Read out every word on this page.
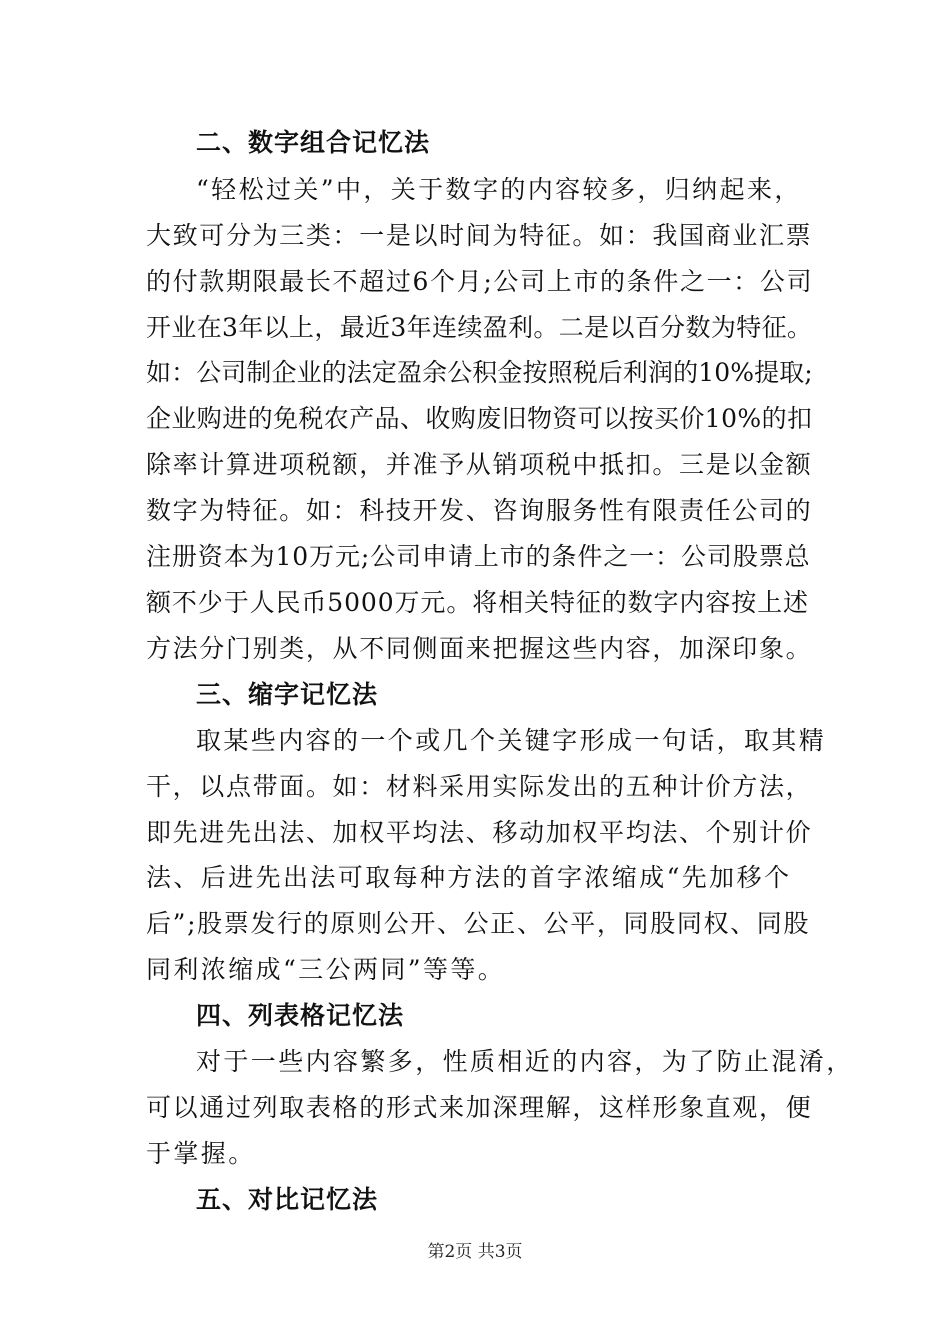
二、数字组合记忆法
“轻松过关”中，关于数字的内容较多，归纳起来，
大致可分为三类：一是以时间为特征。如：我国商业汇票
的付款期限最长不超过6个月;公司上市的条件之一：公司
开业在3年以上，最近3年连续盈利。二是以百分数为特征。
如：公司制企业的法定盈余公积金按照税后利润的10%提取;
企业购进的免税农产品、收购废旧物资可以按买价10%的扣
除率计算进项税额，并准予从销项税中抵扣。三是以金额
数字为特征。如：科技开发、咨询服务性有限责任公司的
注册资本为10万元;公司申请上市的条件之一：公司股票总
额不少于人民币5000万元。将相关特征的数字内容按上述
方法分门别类，从不同侧面来把握这些内容，加深印象。
三、缩字记忆法
取某些内容的一个或几个关键字形成一句话，取其精
干，以点带面。如：材料采用实际发出的五种计价方法，
即先进先出法、加权平均法、移动加权平均法、个别计价
法、后进先出法可取每种方法的首字浓缩成“先加移个
后”;股票发行的原则公开、公正、公平，同股同权、同股
同利浓缩成“三公两同”等等。
四、列表格记忆法
对于一些内容繁多，性质相近的内容，为了防止混淆，
可以通过列取表格的形式来加深理解，这样形象直观，便
于掌握。
五、对比记忆法
第2页 共3页
